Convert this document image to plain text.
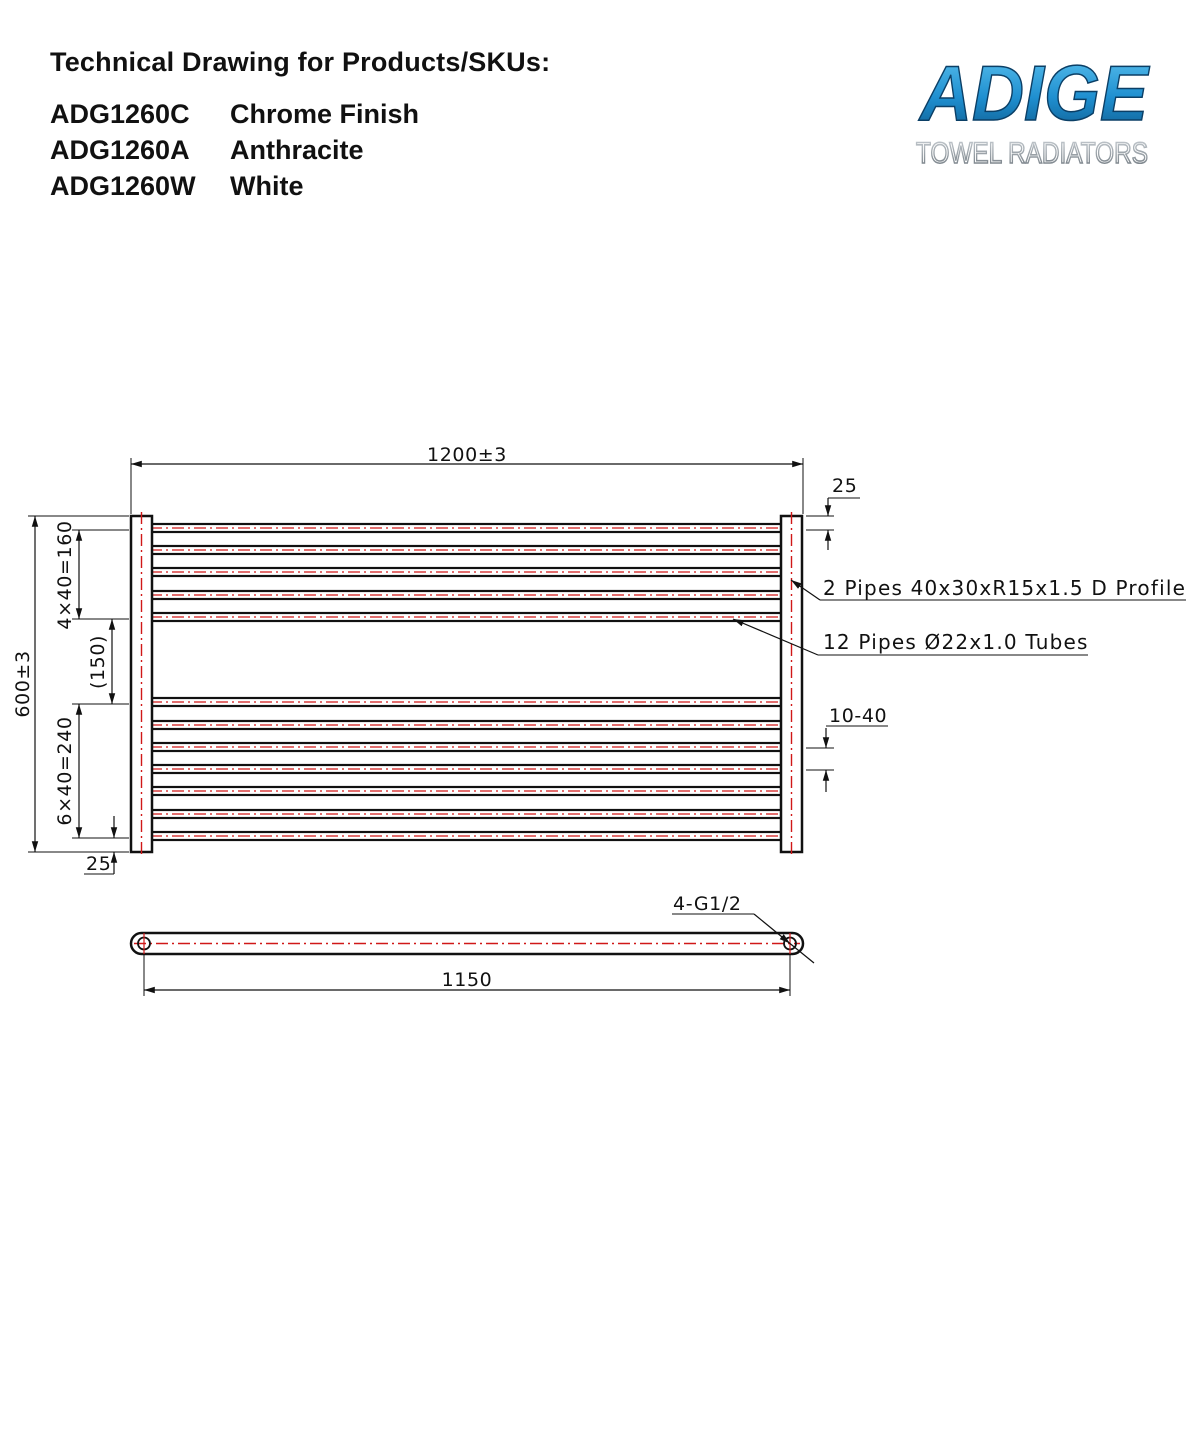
Technical Drawing for Products/SKUs:
ADG1260C	Chrome Finish
ADG1260A	Anthracite
ADG1260W	White
ADIGE
TOWEL RADIATORS
1200±3
25
2 Pipes 40x30xR15x1.5 D Profile
12 Pipes Ø22x1.0 Tubes
10-40
600±3
4×40=160
(150)
6×40=240
25
4-G1/2
1150
